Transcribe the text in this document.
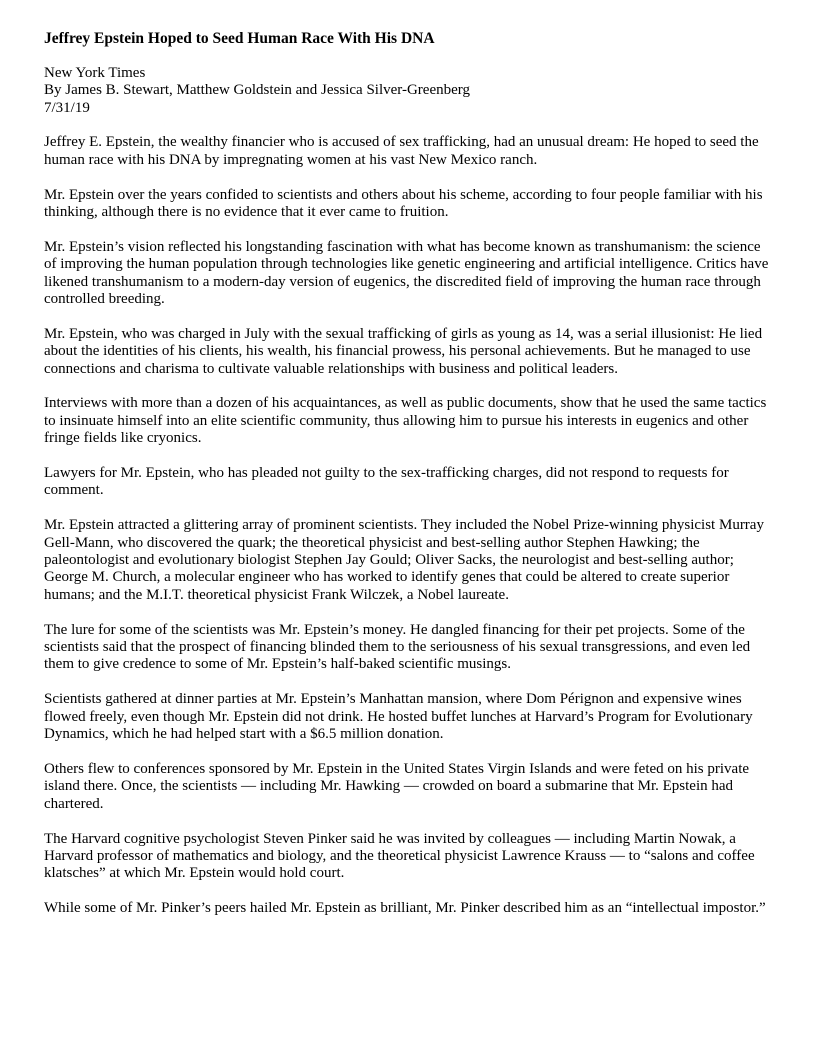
Jeffrey Epstein Hoped to Seed Human Race With His DNA
New York Times
By James B. Stewart, Matthew Goldstein and Jessica Silver-Greenberg
7/31/19

Jeffrey E. Epstein, the wealthy financier who is accused of sex trafficking, had an unusual dream: He hoped to seed the human race with his DNA by impregnating women at his vast New Mexico ranch.

Mr. Epstein over the years confided to scientists and others about his scheme, according to four people familiar with his thinking, although there is no evidence that it ever came to fruition.

Mr. Epstein’s vision reflected his longstanding fascination with what has become known as transhumanism: the science of improving the human population through technologies like genetic engineering and artificial intelligence. Critics have likened transhumanism to a modern-day version of eugenics, the discredited field of improving the human race through controlled breeding.

Mr. Epstein, who was charged in July with the sexual trafficking of girls as young as 14, was a serial illusionist: He lied about the identities of his clients, his wealth, his financial prowess, his personal achievements. But he managed to use connections and charisma to cultivate valuable relationships with business and political leaders.

Interviews with more than a dozen of his acquaintances, as well as public documents, show that he used the same tactics to insinuate himself into an elite scientific community, thus allowing him to pursue his interests in eugenics and other fringe fields like cryonics.

Lawyers for Mr. Epstein, who has pleaded not guilty to the sex-trafficking charges, did not respond to requests for comment.

Mr. Epstein attracted a glittering array of prominent scientists. They included the Nobel Prize-winning physicist Murray Gell-Mann, who discovered the quark; the theoretical physicist and best-selling author Stephen Hawking; the paleontologist and evolutionary biologist Stephen Jay Gould; Oliver Sacks, the neurologist and best-selling author; George M. Church, a molecular engineer who has worked to identify genes that could be altered to create superior humans; and the M.I.T. theoretical physicist Frank Wilczek, a Nobel laureate.

The lure for some of the scientists was Mr. Epstein’s money. He dangled financing for their pet projects. Some of the scientists said that the prospect of financing blinded them to the seriousness of his sexual transgressions, and even led them to give credence to some of Mr. Epstein’s half-baked scientific musings.

Scientists gathered at dinner parties at Mr. Epstein’s Manhattan mansion, where Dom Pérignon and expensive wines flowed freely, even though Mr. Epstein did not drink. He hosted buffet lunches at Harvard’s Program for Evolutionary Dynamics, which he had helped start with a $6.5 million donation.

Others flew to conferences sponsored by Mr. Epstein in the United States Virgin Islands and were feted on his private island there. Once, the scientists — including Mr. Hawking — crowded on board a submarine that Mr. Epstein had chartered.

The Harvard cognitive psychologist Steven Pinker said he was invited by colleagues — including Martin Nowak, a Harvard professor of mathematics and biology, and the theoretical physicist Lawrence Krauss — to “salons and coffee klatsches” at which Mr. Epstein would hold court.

While some of Mr. Pinker’s peers hailed Mr. Epstein as brilliant, Mr. Pinker described him as an “intellectual impostor.”
